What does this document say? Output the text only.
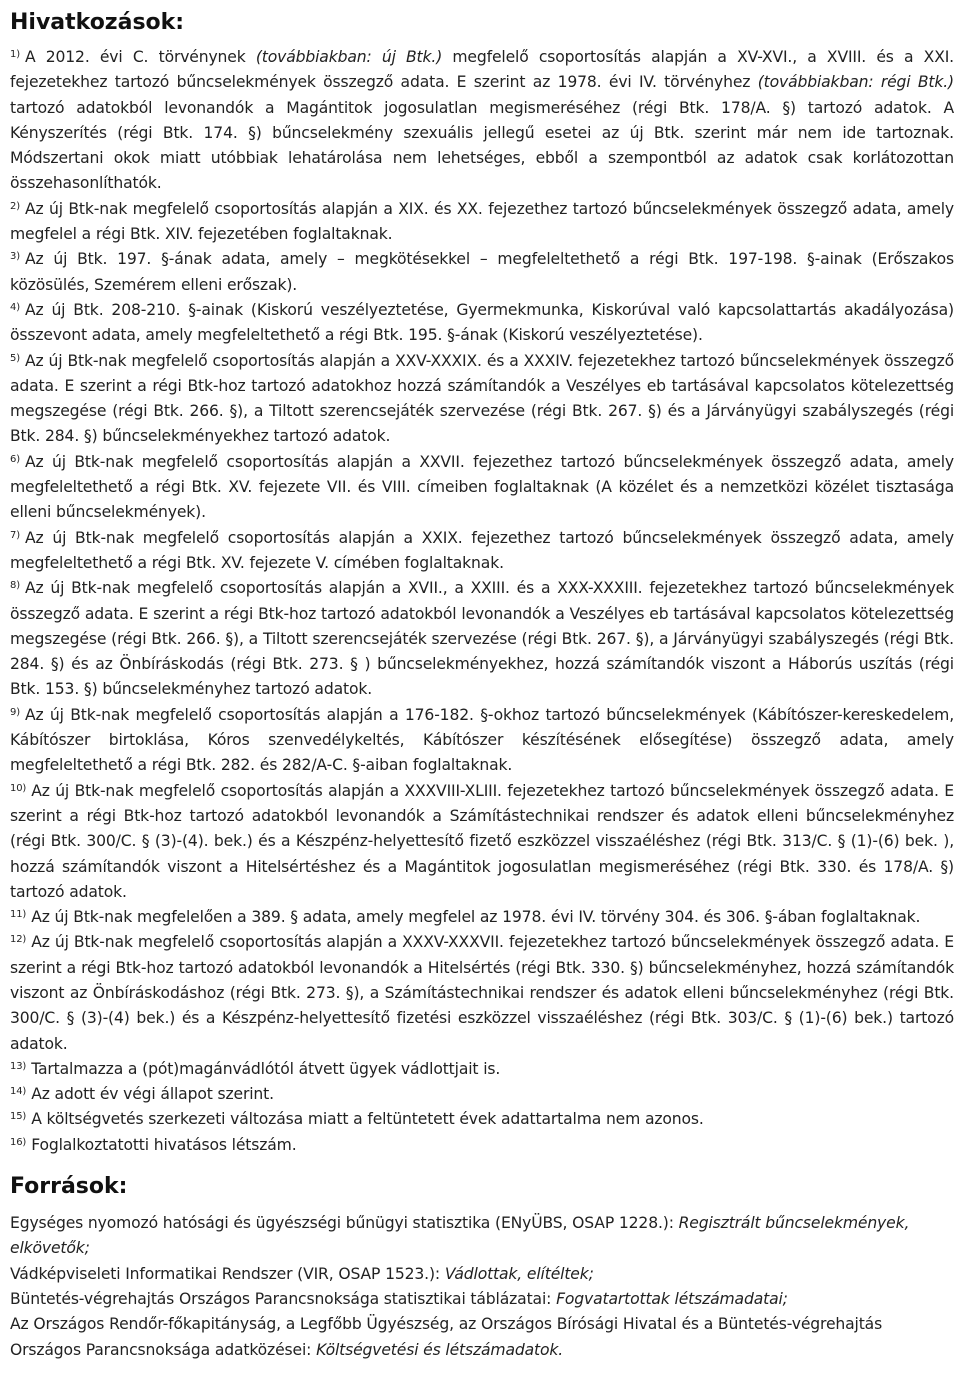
Hivatkozások:

$^{1)}$ A 2012. évi C. törvénynek (továbbiakban: új Btk.) megfelelő csoportosítás alapján a XV-XVI., a XVIII. és a XXI. fejezetekhez tartozó bűncselekmények összegző adata. E szerint az 1978. évi IV. törvényhez (továbbiakban: régi Btk.) tartozó adatokból levonandók a Magántitok jogosulatlan megismeréséhez (régi Btk. 178/A. §) tartozó adatok. A Kényszerítés (régi Btk. 174. §) bűncselekmény szexuális jellegű esetei az új Btk. szerint már nem ide tartoznak. Módszertani okok miatt utóbbiak lehatárolása nem lehetséges, ebből a szempontból az adatok csak korlátozottan összehasonlíthatók.

$^{2)}$ Az új Btk-nak megfelelő csoportosítás alapján a XIX. és XX. fejezethez tartozó bűncselekmények összegző adata, amely megfelel a régi Btk. XIV. fejezetében foglaltaknak.

$^{3)}$ Az új Btk. 197. §-ának adata, amely – megkötésekkel – megfeleltethető a régi Btk. 197-198. §-ainak (Erőszakos közösülés, Szemérem elleni erőszak).

$^{4)}$ Az új Btk. 208-210. §-ainak (Kiskorú veszélyeztetése, Gyermekmunka, Kiskorúval való kapcsolattartás akadályozása) összevont adata, amely megfeleltethető a régi Btk. 195. §-ának (Kiskorú veszélyeztetése).

$^{5)}$ Az új Btk-nak megfelelő csoportosítás alapján a XXV-XXXIX. és a XXXIV. fejezetekhez tartozó bűncselekmények összegző adata. E szerint a régi Btk-hoz tartozó adatokhoz hozzá számítandók a Veszélyes eb tartásával kapcsolatos kötelezettség megszegése (régi Btk. 266. §), a Tiltott szerencsejáték szervezése (régi Btk. 267. §) és a Járványügyi szabályszegés (régi Btk. 284. §) bűncselekményekhez tartozó adatok.

$^{6)}$ Az új Btk-nak megfelelő csoportosítás alapján a XXVII. fejezethez tartozó bűncselekmények összegző adata, amely megfeleltethető a régi Btk. XV. fejezete VII. és VIII. címeiben foglaltaknak (A közélet és a nemzetközi közélet tisztasága elleni bűncselekmények).

$^{7)}$ Az új Btk-nak megfelelő csoportosítás alapján a XXIX. fejezethez tartozó bűncselekmények összegző adata, amely megfeleltethető a régi Btk. XV. fejezete V. címében foglaltaknak.

$^{8)}$ Az új Btk-nak megfelelő csoportosítás alapján a XVII., a XXIII. és a XXX-XXXIII. fejezetekhez tartozó bűncselekmények összegző adata. E szerint a régi Btk-hoz tartozó adatokból levonandók a Veszélyes eb tartásával kapcsolatos kötelezettség megszegése (régi Btk. 266. §), a Tiltott szerencsejáték szervezése (régi Btk. 267. §), a Járványügyi szabályszegés (régi Btk. 284. §) és az Önbíráskodás (régi Btk. 273. § ) bűncselekményekhez, hozzá számítandók viszont a Háborús uszítás (régi Btk. 153. §) bűncselekményhez tartozó adatok.

$^{9)}$ Az új Btk-nak megfelelő csoportosítás alapján a 176-182. §-okhoz tartozó bűncselekmények (Kábítószer-kereskedelem, Kábítószer birtoklása, Kóros szenvedélykeltés, Kábítószer készítésének elősegítése) összegző adata, amely megfeleltethető a régi Btk. 282. és 282/A-C. §-aiban foglaltaknak.

$^{10)}$ Az új Btk-nak megfelelő csoportosítás alapján a XXXVIII-XLIII. fejezetekhez tartozó bűncselekmények összegző adata. E szerint a régi Btk-hoz tartozó adatokból levonandók a Számítástechnikai rendszer és adatok elleni bűncselekményhez (régi Btk. 300/C. § (3)-(4). bek.) és a Készpénz-helyettesítő fizető eszközzel visszaéléshez (régi Btk. 313/C. § (1)-(6) bek. ), hozzá számítandók viszont a Hitelsértéshez és a Magántitok jogosulatlan megismeréséhez (régi Btk. 330. és 178/A. §) tartozó adatok.

$^{11)}$ Az új Btk-nak megfelelően a 389. § adata, amely megfelel az 1978. évi IV. törvény 304. és 306. §-ában foglaltaknak.

$^{12)}$ Az új Btk-nak megfelelő csoportosítás alapján a XXXV-XXXVII. fejezetekhez tartozó bűncselekmények összegző adata. E szerint a régi Btk-hoz tartozó adatokból levonandók a Hitelsértés (régi Btk. 330. §) bűncselekményhez, hozzá számítandók viszont az Önbíráskodáshoz (régi Btk. 273. §), a Számítástechnikai rendszer és adatok elleni bűncselekményhez (régi Btk. 300/C. § (3)-(4) bek.) és a Készpénz-helyettesítő fizetési eszközzel visszaéléshez (régi Btk. 303/C. § (1)-(6) bek.) tartozó adatok.

$^{13)}$ Tartalmazza a (pót)magánvádlótól átvett ügyek vádlottjait is.

$^{14)}$ Az adott év végi állapot szerint.

$^{15)}$ A költségvetés szerkezeti változása miatt a feltüntetett évek adattartalma nem azonos.

$^{16)}$ Foglalkoztatotti hivatásos létszám.

Források:

Egységes nyomozó hatósági és ügyészségi bűnügyi statisztika (ENyÜBS, OSAP 1228.): Regisztrált bűncselekmények, elkövetők;

Vádképviseleti Informatikai Rendszer (VIR, OSAP 1523.): Vádlottak, elítéltek;

Büntetés-végrehajtás Országos Parancsnoksága statisztikai táblázatai: Fogvatartottak létszámadatai;

Az Országos Rendőr-főkapitányság, a Legfőbb Ügyészség, az Országos Bírósági Hivatal és a Büntetés-végrehajtás Országos Parancsnoksága adatközései: Költségvetési és létszámadatok.
